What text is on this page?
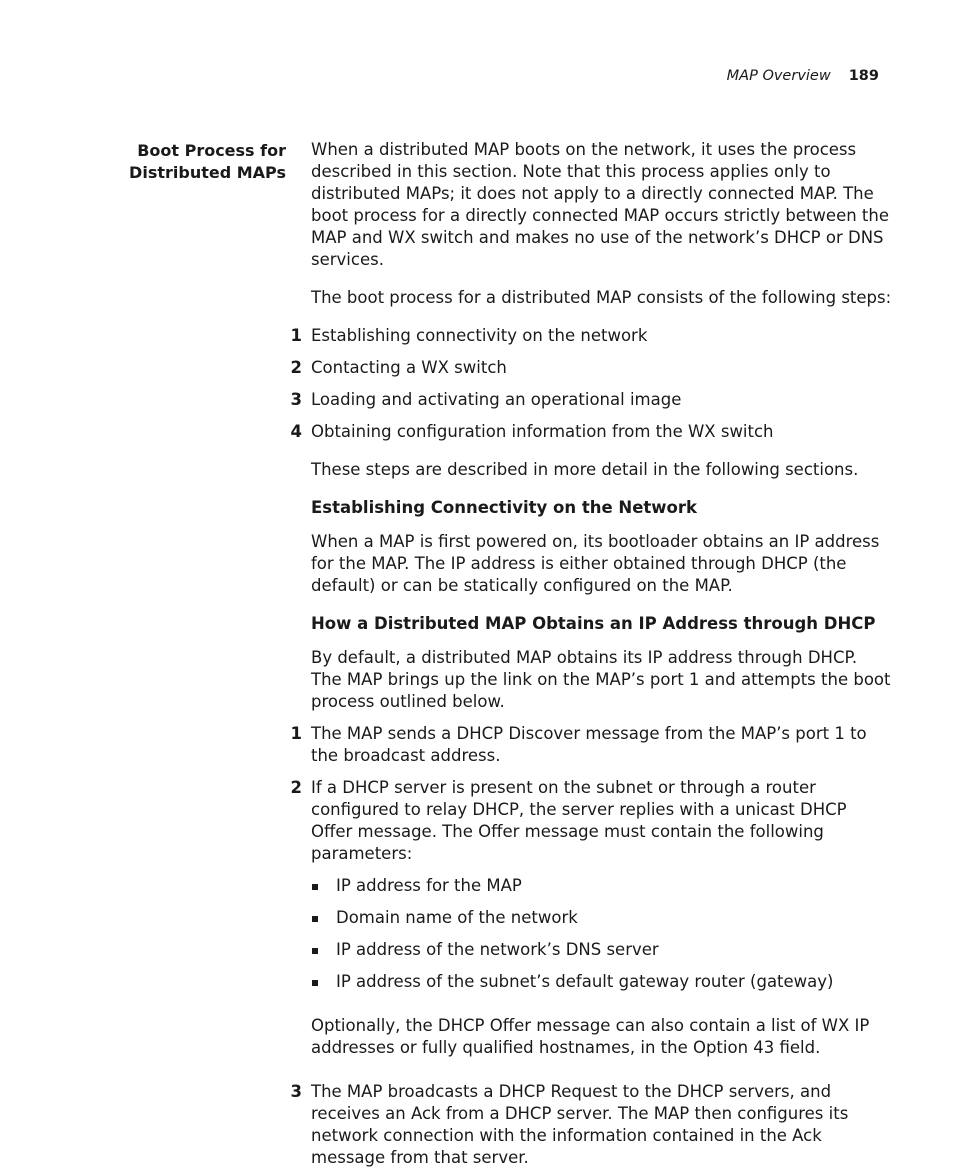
MAP Overview 189
Boot Process for
Distributed MAPs

When a distributed MAP boots on the network, it uses the process described in this section. Note that this process applies only to distributed MAPs; it does not apply to a directly connected MAP. The boot process for a directly connected MAP occurs strictly between the MAP and WX switch and makes no use of the network’s DHCP or DNS services.

The boot process for a distributed MAP consists of the following steps:

1 Establishing connectivity on the network
2 Contacting a WX switch
3 Loading and activating an operational image
4 Obtaining configuration information from the WX switch

These steps are described in more detail in the following sections.

Establishing Connectivity on the Network

When a MAP is first powered on, its bootloader obtains an IP address for the MAP. The IP address is either obtained through DHCP (the default) or can be statically configured on the MAP.

How a Distributed MAP Obtains an IP Address through DHCP

By default, a distributed MAP obtains its IP address through DHCP. The MAP brings up the link on the MAP’s port 1 and attempts the boot process outlined below.

1 The MAP sends a DHCP Discover message from the MAP’s port 1 to the broadcast address.
2 If a DHCP server is present on the subnet or through a router configured to relay DHCP, the server replies with a unicast DHCP Offer message. The Offer message must contain the following parameters:
IP address for the MAP
Domain name of the network
IP address of the network’s DNS server
IP address of the subnet’s default gateway router (gateway)

Optionally, the DHCP Offer message can also contain a list of WX IP addresses or fully qualified hostnames, in the Option 43 field.

3 The MAP broadcasts a DHCP Request to the DHCP servers, and receives an Ack from a DHCP server. The MAP then configures its network connection with the information contained in the Ack message from that server.
